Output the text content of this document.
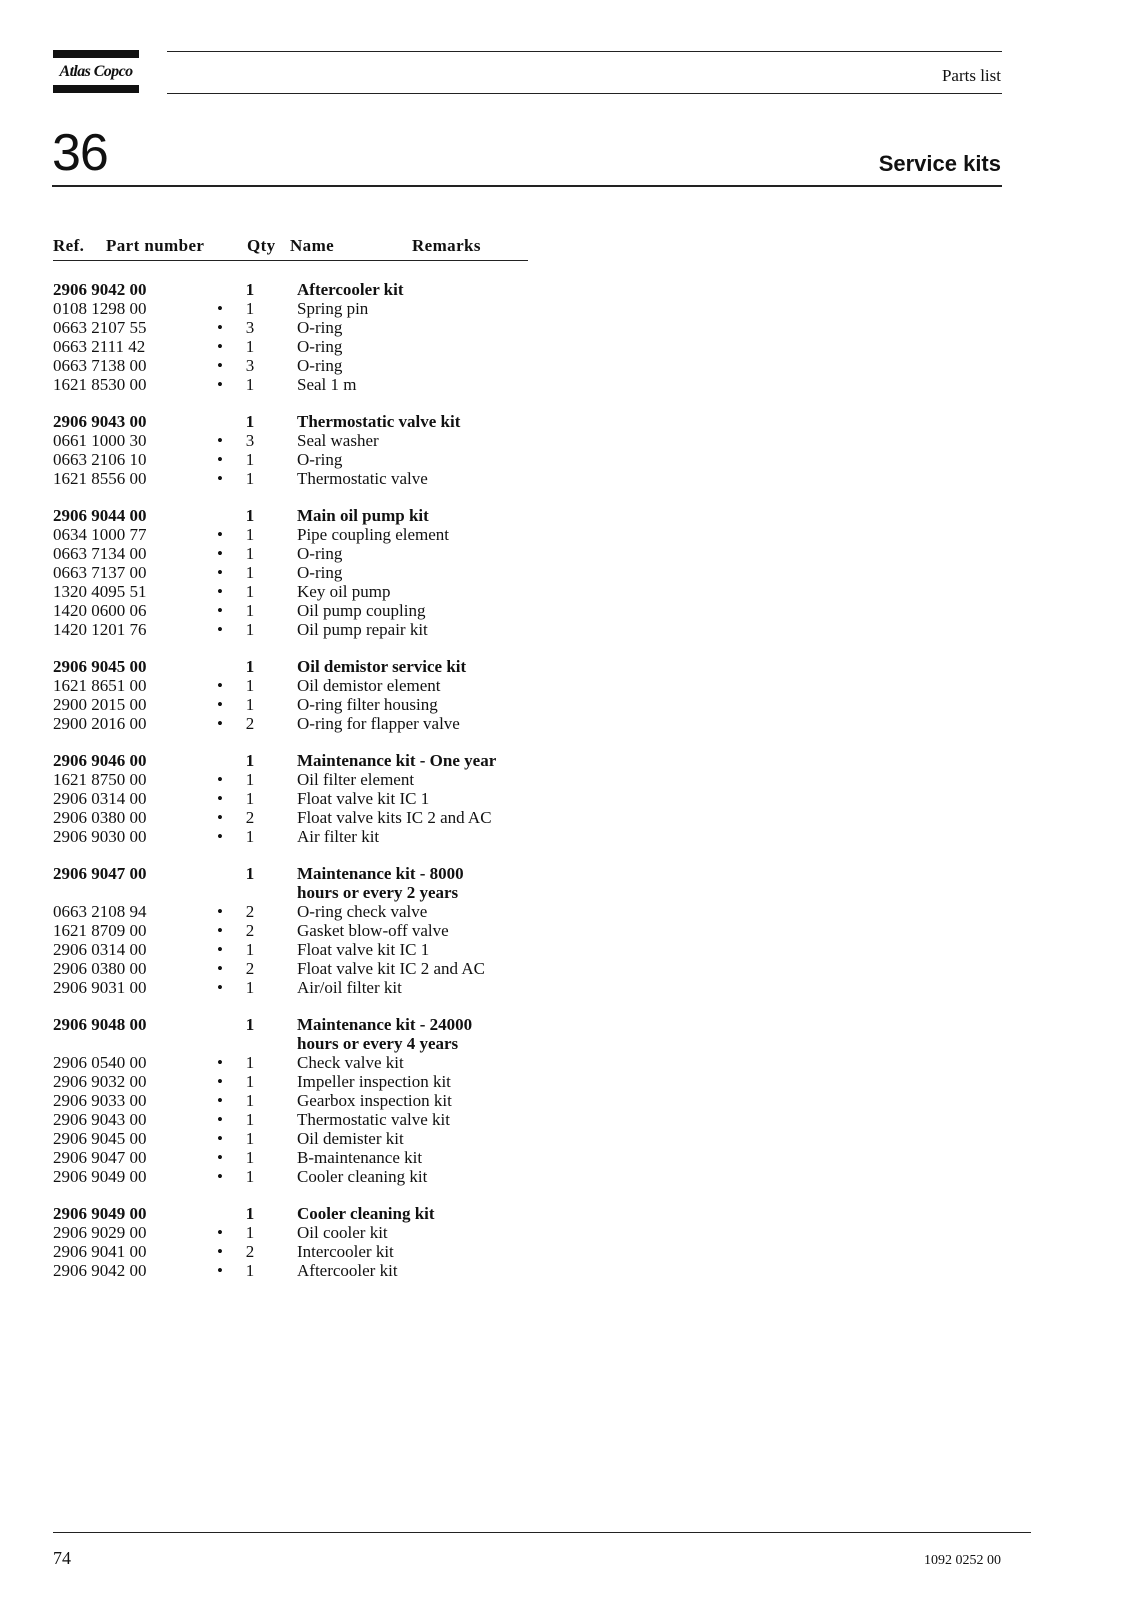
Atlas Copco	Parts list
36	Service kits
Ref. Part number	Qty Name	Remarks
2906 9042 00	1	Aftercooler kit
0108 1298 00	• 1	Spring pin
0663 2107 55	• 3	O-ring
0663 2111 42	• 1	O-ring
0663 7138 00	• 3	O-ring
1621 8530 00	• 1	Seal 1 m
2906 9043 00	1	Thermostatic valve kit
0661 1000 30	• 3	Seal washer
0663 2106 10	• 1	O-ring
1621 8556 00	• 1	Thermostatic valve
2906 9044 00	1	Main oil pump kit
0634 1000 77	• 1	Pipe coupling element
0663 7134 00	• 1	O-ring
0663 7137 00	• 1	O-ring
1320 4095 51	• 1	Key oil pump
1420 0600 06	• 1	Oil pump coupling
1420 1201 76	• 1	Oil pump repair kit
2906 9045 00	1	Oil demistor service kit
1621 8651 00	• 1	Oil demistor element
2900 2015 00	• 1	O-ring filter housing
2900 2016 00	• 2	O-ring for flapper valve
2906 9046 00	1	Maintenance kit - One year
1621 8750 00	• 1	Oil filter element
2906 0314 00	• 1	Float valve kit IC 1
2906 0380 00	• 2	Float valve kits IC 2 and AC
2906 9030 00	• 1	Air filter kit
2906 9047 00	1	Maintenance kit - 8000
hours or every 2 years
0663 2108 94	• 2	O-ring check valve
1621 8709 00	• 2	Gasket blow-off valve
2906 0314 00	• 1	Float valve kit IC 1
2906 0380 00	• 2	Float valve kit IC 2 and AC
2906 9031 00	• 1	Air/oil filter kit
2906 9048 00	1	Maintenance kit - 24000
hours or every 4 years
2906 0540 00	• 1	Check valve kit
2906 9032 00	• 1	Impeller inspection kit
2906 9033 00	• 1	Gearbox inspection kit
2906 9043 00	• 1	Thermostatic valve kit
2906 9045 00	• 1	Oil demister kit
2906 9047 00	• 1	B-maintenance kit
2906 9049 00	• 1	Cooler cleaning kit
2906 9049 00	1	Cooler cleaning kit
2906 9029 00	• 1	Oil cooler kit
2906 9041 00	• 2	Intercooler kit
2906 9042 00	• 1	Aftercooler kit
74	1092 0252 00
